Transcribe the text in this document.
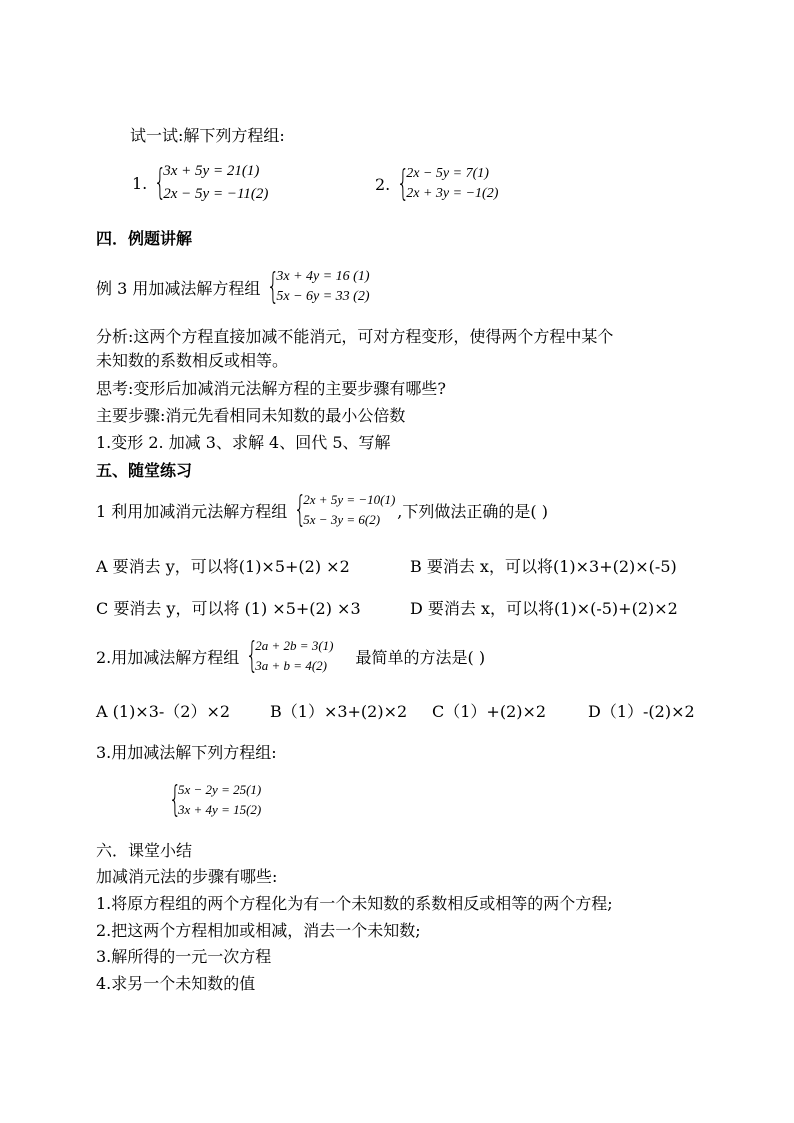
试一试:解下列方程组:
1. {
3x + 5y = 21(1)
2x − 5y = −11(2)
2. {
2x − 5y = 7(1)
2x + 3y = −1(2)
四．例题讲解
例 3 用加减法解方程组 {
3x + 4y = 16 (1)
5x − 6y = 33 (2)
分析:这两个方程直接加减不能消元，可对方程变形，使得两个方程中某个
未知数的系数相反或相等。
思考:变形后加减消元法解方程的主要步骤有哪些?
主要步骤:消元先看相同未知数的最小公倍数
1.变形 2. 加减 3、求解 4、回代 5、写解
五、随堂练习
1 利用加减消元法解方程组 {
2x + 5y = −10(1)
5x − 3y = 6(2)	,下列做法正确的是( )
A 要消去 y，可以将(1)×5+(2) ×2	B 要消去 x，可以将(1)×3+(2)×(-5)
C 要消去 y，可以将 (1) ×5+(2) ×3	D 要消去 x，可以将(1)×(-5)+(2)×2
2.用加减法解方程组 {
2a + 2b = 3(1)
3a + b = 4(2)	最简单的方法是( )
A (1)×3-（2）×2 B（1）×3+(2)×2 C（1）+(2)×2	D（1）-(2)×2
3.用加减法解下列方程组:
{
5x − 2y = 25(1)
3x + 4y = 15(2)
六．课堂小结
加减消元法的步骤有哪些:
1.将原方程组的两个方程化为有一个未知数的系数相反或相等的两个方程;
2.把这两个方程相加或相减，消去一个未知数;
3.解所得的一元一次方程
4.求另一个未知数的值
